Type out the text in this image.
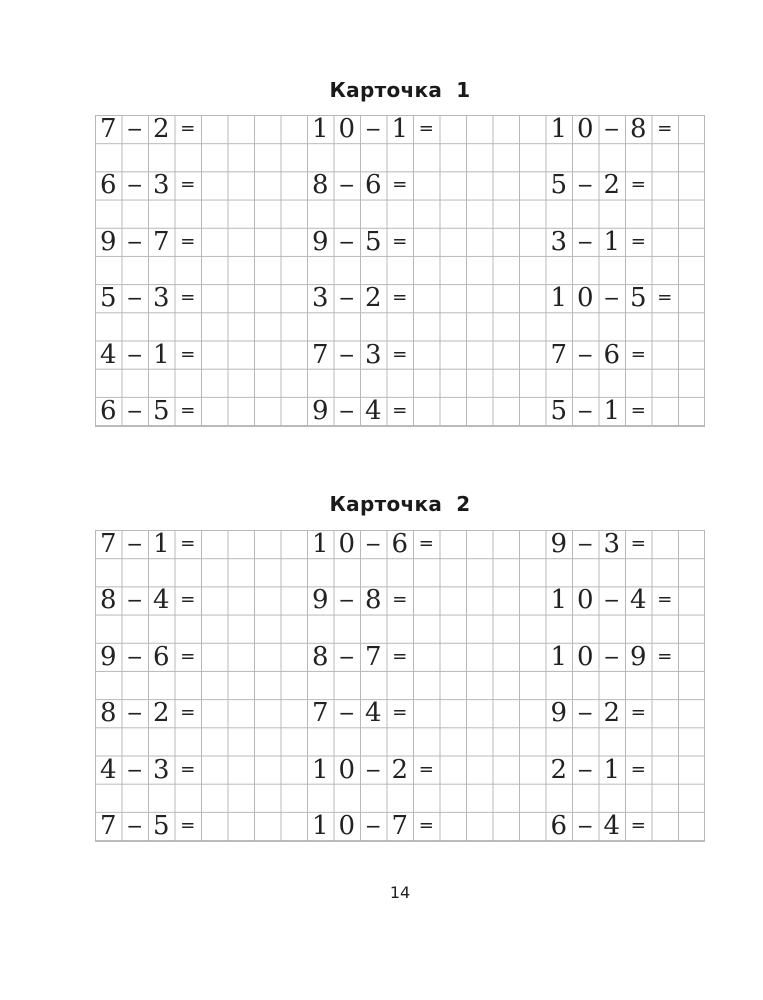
Карточка 1
7 − 2 =
6 − 3 =
9 − 7 =
5 − 3 =
4 − 1 =
6 − 5 =
1 0 − 1 =
8 − 6 =
9 − 5 =
3 − 2 =
7 − 3 =
9 − 4 =
1 0 − 8 =
5 − 2 =
3 − 1 =
1 0 − 5 =
7 − 6 =
5 − 1 =
Карточка 2
7 − 1 =
8 − 4 =
9 − 6 =
8 − 2 =
4 − 3 =
7 − 5 =
1 0 − 6 =
9 − 8 =
8 − 7 =
7 − 4 =
1 0 − 2 =
1 0 − 7 =
9 − 3 =
1 0 − 4 =
1 0 − 9 =
9 − 2 =
2 − 1 =
6 − 4 =
14
